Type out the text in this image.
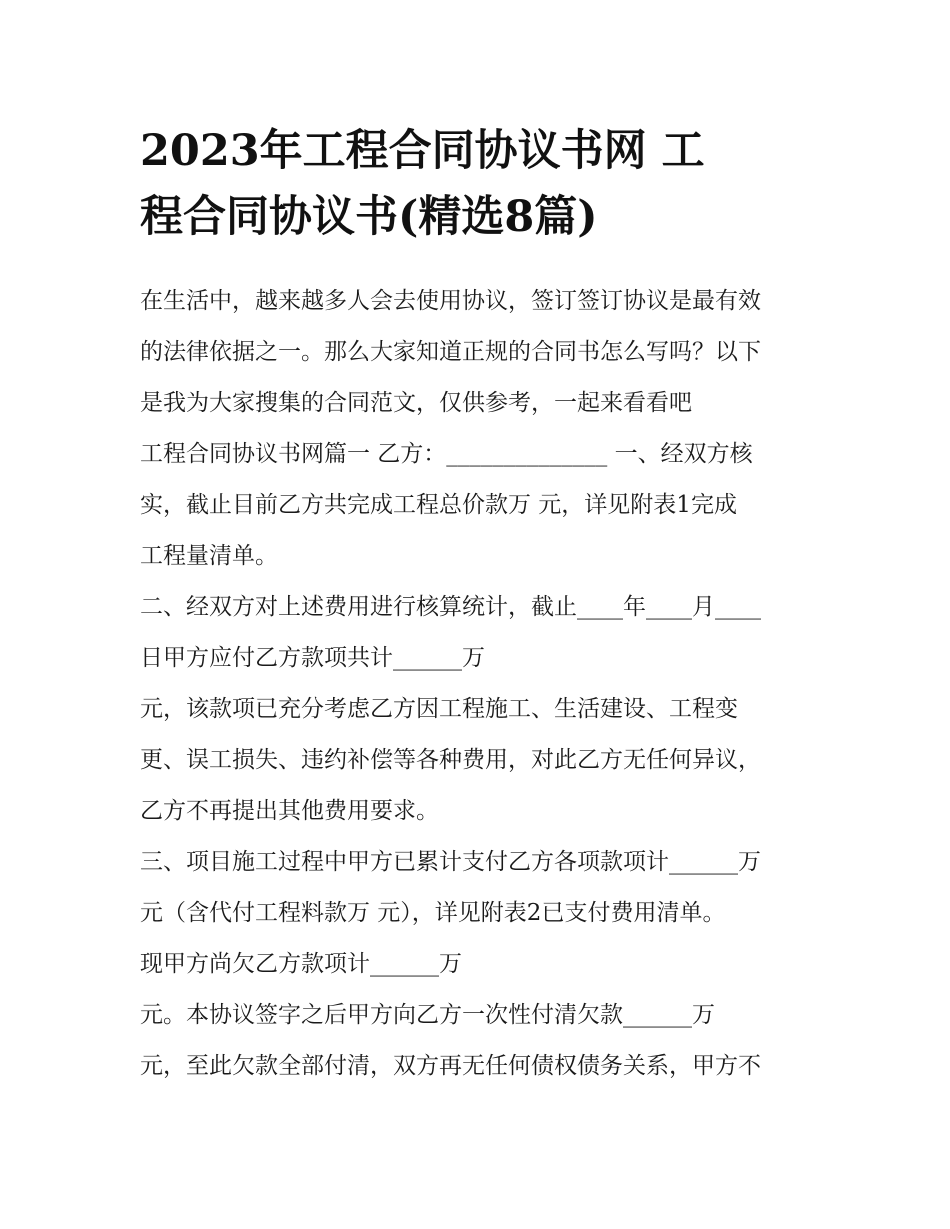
2023年工程合同协议书网 工
程合同协议书(精选8篇)
在生活中，越来越多人会去使用协议，签订签订协议是最有效
的法律依据之一。那么大家知道正规的合同书怎么写吗？以下
是我为大家搜集的合同范文，仅供参考，一起来看看吧
工程合同协议书网篇一 乙方：______________ 一、经双方核
实，截止目前乙方共完成工程总价款万 元，详见附表1完成
工程量清单。
二、经双方对上述费用进行核算统计，截止____年____月____
日甲方应付乙方款项共计______万
元，该款项已充分考虑乙方因工程施工、生活建设、工程变
更、误工损失、违约补偿等各种费用，对此乙方无任何异议，
乙方不再提出其他费用要求。
三、项目施工过程中甲方已累计支付乙方各项款项计______万
元（含代付工程料款万 元），详见附表2已支付费用清单。
现甲方尚欠乙方款项计______万
元。本协议签字之后甲方向乙方一次性付清欠款______万
元，至此欠款全部付清，双方再无任何债权债务关系，甲方不
